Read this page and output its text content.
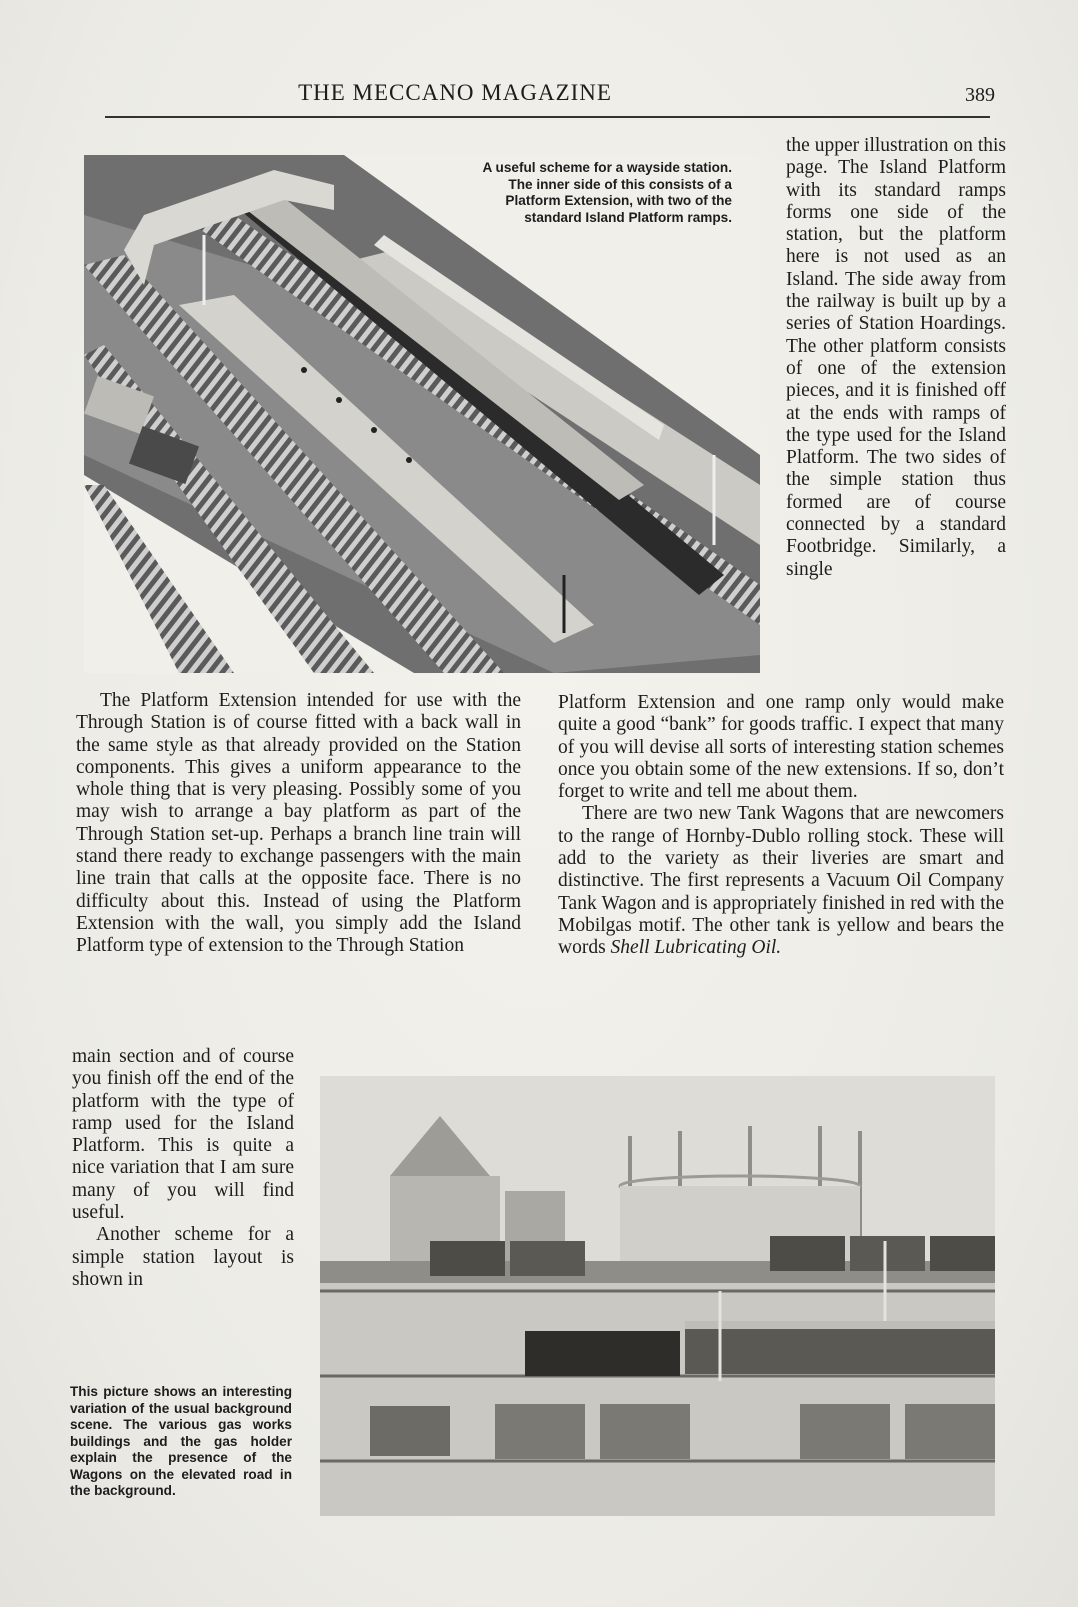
THE MECCANO MAGAZINE	389
A useful scheme for a wayside station. The inner side of this consists of a Platform Extension, with two of the standard Island Platform ramps.
the upper illustration on this page. The Island Platform with its standard ramps forms one side of the station, but the platform here is not used as an Island. The side away from the railway is built up by a series of Station Hoardings. The other platform consists of one of the extension pieces, and it is finished off at the ends with ramps of the type used for the Island Platform. The two sides of the simple station thus formed are of course connected by a standard Footbridge. Similarly, a single

The Platform Extension intended for use with the Through Station is of course fitted with a back wall in the same style as that already provided on the Station components. This gives a uniform appearance to the whole thing that is very pleasing. Possibly some of you may wish to arrange a bay platform as part of the Through Station set-up. Perhaps a branch line train will stand there ready to exchange passengers with the main line train that calls at the opposite face. There is no difficulty about this. Instead of using the Platform Extension with the wall, you simply add the Island Platform type of extension to the Through Station

main section and of course you finish off the end of the platform with the type of ramp used for the Island Platform. This is quite a nice variation that I am sure many of you will find useful.

Another scheme for a simple station layout is shown in

Platform Extension and one ramp only would make quite a good “bank” for goods traffic. I expect that many of you will devise all sorts of interesting station schemes once you obtain some of the new extensions. If so, don’t forget to write and tell me about them.

There are two new Tank Wagons that are newcomers to the range of Hornby-Dublo rolling stock. These will add to the variety as their liveries are smart and distinctive. The first represents a Vacuum Oil Company Tank Wagon and is appropriately finished in red with the Mobilgas motif. The other tank is yellow and bears the words Shell Lubricating Oil.

This picture shows an interesting variation of the usual background scene. The various gas works buildings and the gas holder explain the presence of the Wagons on the elevated road in the background.
